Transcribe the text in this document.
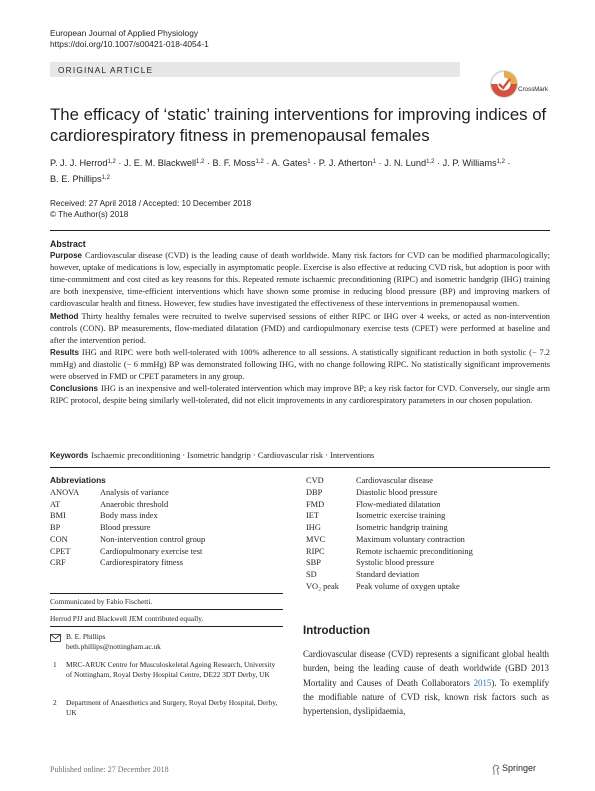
European Journal of Applied Physiology
https://doi.org/10.1007/s00421-018-4054-1
ORIGINAL ARTICLE
CrossMark
The efficacy of ‘static’ training interventions for improving indices of cardiorespiratory fitness in premenopausal females
P. J. J. Herrod$^{1,2}$ · J. E. M. Blackwell$^{1,2}$ · B. F. Moss$^{1,2}$ · A. Gates$^1$ · P. J. Atherton$^1$ · J. N. Lund$^{1,2}$ · J. P. Williams$^{1,2}$ ·
B. E. Phillips$^{1,2}$
Received: 27 April 2018 / Accepted: 10 December 2018
© The Author(s) 2018
Abstract

Purpose Cardiovascular disease (CVD) is the leading cause of death worldwide. Many risk factors for CVD can be modified pharmacologically; however, uptake of medications is low, especially in asymptomatic people. Exercise is also effective at reducing CVD risk, but adoption is poor with time-commitment and cost cited as key reasons for this. Repeated remote ischaemic preconditioning (RIPC) and isometric handgrip (IHG) training are both inexpensive, time-efficient interventions which have shown some promise in reducing blood pressure (BP) and improving markers of cardiovascular health and fitness. However, few studies have investigated the effectiveness of these interventions in premenopausal women.

Method Thirty healthy females were recruited to twelve supervised sessions of either RIPC or IHG over 4 weeks, or acted as non-intervention controls (CON). BP measurements, flow-mediated dilatation (FMD) and cardiopulmonary exercise tests (CPET) were performed at baseline and after the intervention period.

Results IHG and RIPC were both well-tolerated with 100% adherence to all sessions. A statistically significant reduction in both systolic (− 7.2 mmHg) and diastolic (− 6 mmHg) BP was demonstrated following IHG, with no change following RIPC. No statistically significant improvements were observed in FMD or CPET parameters in any group.

Conclusions IHG is an inexpensive and well-tolerated intervention which may improve BP; a key risk factor for CVD. Conversely, our single arm RIPC protocol, despite being similarly well-tolerated, did not elicit improvements in any cardiorespiratory parameters in our chosen population.

Keywords Ischaemic preconditioning · Isometric handgrip · Cardiovascular risk · Interventions
Abbreviations
ANOVA	Analysis of variance
AT	Anaerobic threshold
BMI	Body mass index
BP	Blood pressure
CON	Non-intervention control group
CPET	Cardiopulmonary exercise test
CRF	Cardiorespiratory fitness
CVD	Cardiovascular disease
DBP	Diastolic blood pressure
FMD	Flow-mediated dilatation
IET	Isometric exercise training
IHG	Isometric handgrip training
MVC	Maximum voluntary contraction
RIPC	Remote ischaemic preconditioning
SBP	Systolic blood pressure
SD	Standard deviation
VO₂ peak	Peak volume of oxygen uptake
Communicated by Fabio Fischetti.
Herrod PJJ and Blackwell JEM contributed equally.
B. E. Phillips
beth.phillips@nottingham.ac.uk
1 MRC-ARUK Centre for Musculoskeletal Ageing Research, University of Nottingham, Royal Derby Hospital Centre, DE22 3DT Derby, UK
2 Department of Anaesthetics and Surgery, Royal Derby Hospital, Derby, UK
Introduction
Cardiovascular disease (CVD) represents a significant global health burden, being the leading cause of death worldwide (GBD 2013 Mortality and Causes of Death Collaborators 2015). To exemplify the modifiable nature of CVD risk, known risk factors such as hypertension, dyslipidaemia,
Published online: 27 December 2018	Springer
